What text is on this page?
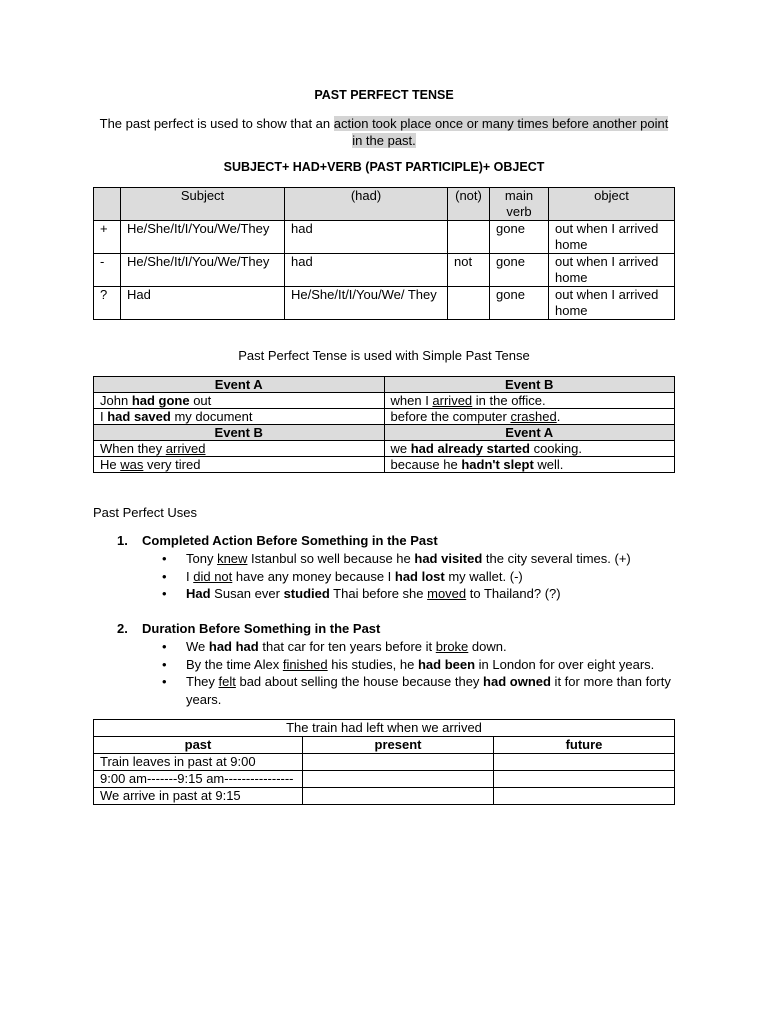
PAST PERFECT TENSE
The past perfect is used to show that an action took place once or many times before another point in the past.
SUBJECT+ HAD+VERB (PAST PARTICIPLE)+ OBJECT
	Subject	(had)	(not)	main verb	object
+	He/She/It/I/You/We/They	had		gone	out when I arrived home
-	He/She/It/I/You/We/They	had	not	gone	out when I arrived home
?	Had	He/She/It/I/You/We/ They		gone	out when I arrived home
Past Perfect Tense is used with Simple Past Tense
Event A	Event B
John had gone out	when I arrived in the office.
I had saved my document	before the computer crashed.
Event B	Event A
When they arrived	we had already started cooking.
He was very tired	because he hadn't slept well.
Past Perfect Uses
1. Completed Action Before Something in the Past
• Tony knew Istanbul so well because he had visited the city several times. (+)
• I did not have any money because I had lost my wallet. (-)
• Had Susan ever studied Thai before she moved to Thailand? (?)
2. Duration Before Something in the Past
• We had had that car for ten years before it broke down.
• By the time Alex finished his studies, he had been in London for over eight years.
• They felt bad about selling the house because they had owned it for more than forty years.
The train had left when we arrived		
past	present	future
Train leaves in past at 9:00		
9:00 am-------9:15 am----------------		
We arrive in past at 9:15		
